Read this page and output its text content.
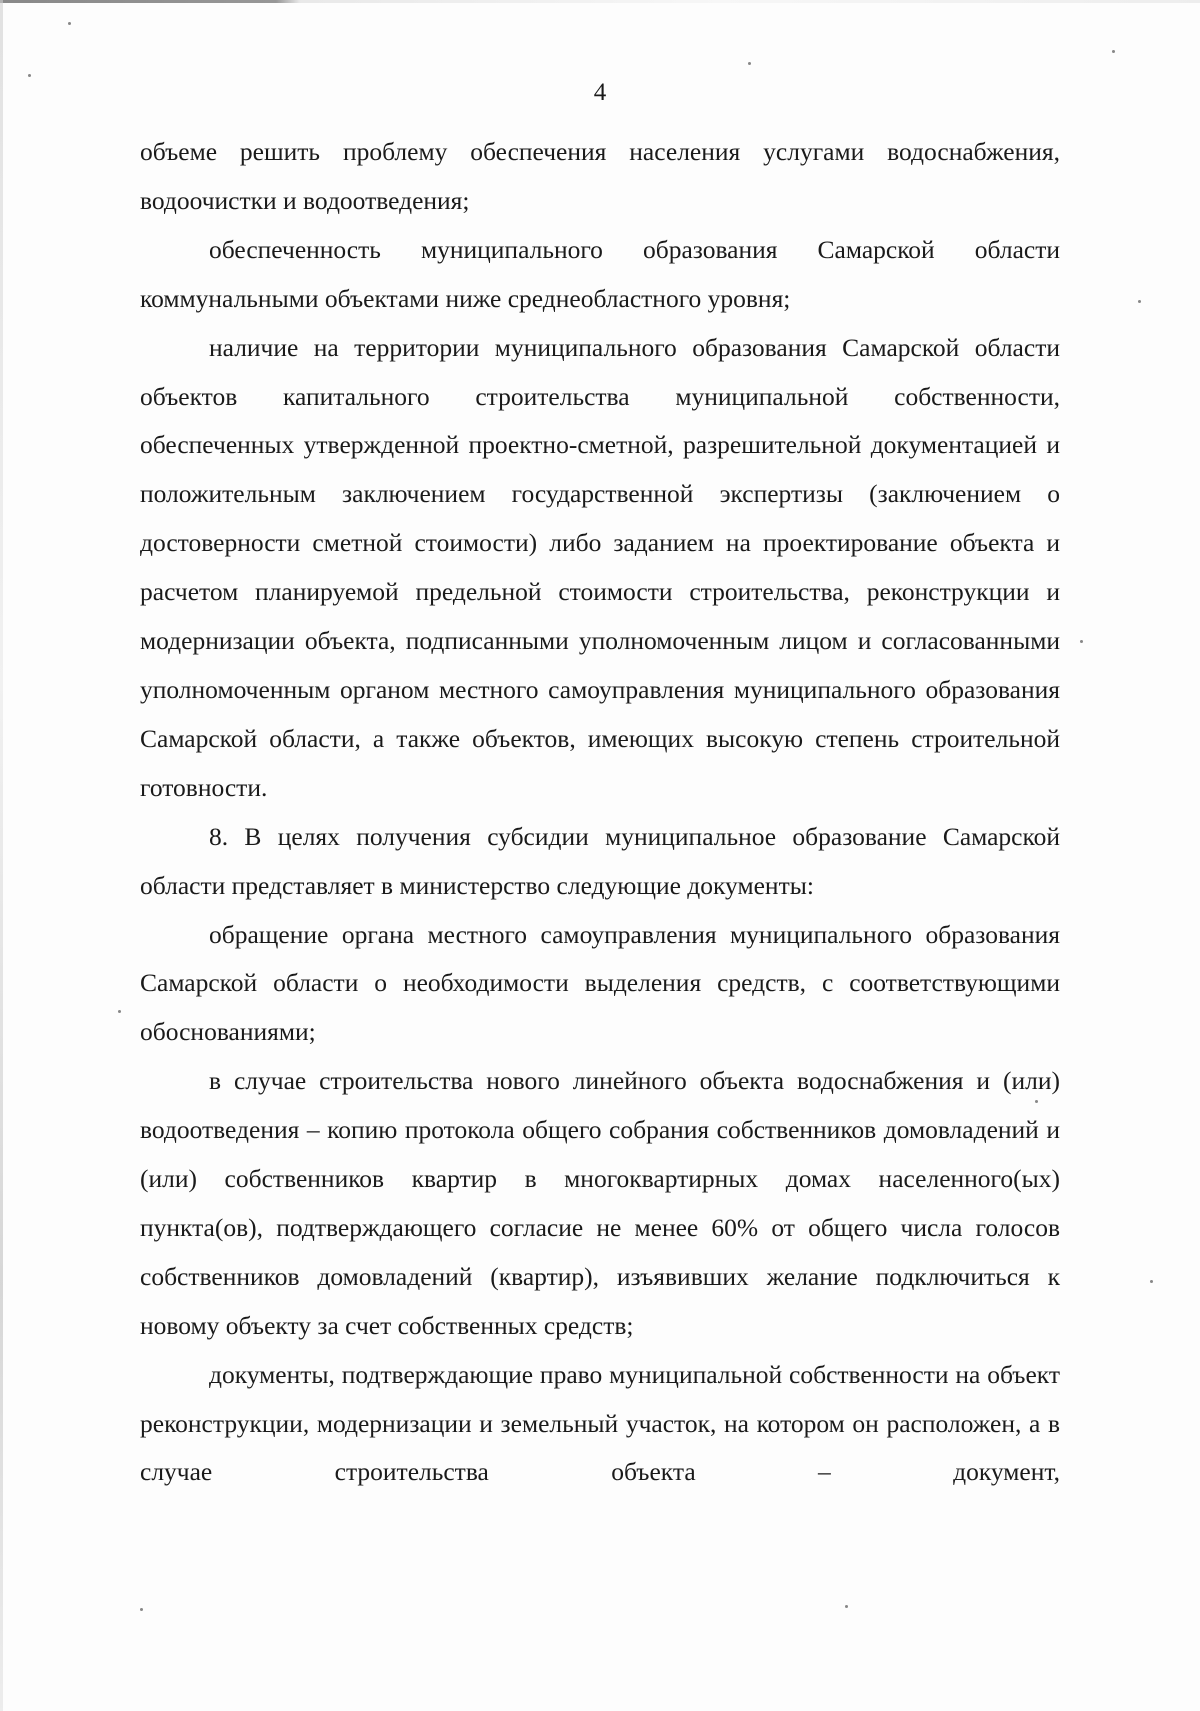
4

объеме решить проблему обеспечения населения услугами водоснабжения, водоочистки и водоотведения;

обеспеченность муниципального образования Самарской области коммунальными объектами ниже среднеобластного уровня;

наличие на территории муниципального образования Самарской области объектов капитального строительства муниципальной собственности, обеспеченных утвержденной проектно-сметной, разрешительной документацией и положительным заключением государственной экспертизы (заключением о достоверности сметной стоимости) либо заданием на проектирование объекта и расчетом планируемой предельной стоимости строительства, реконструкции и модернизации объекта, подписанными уполномоченным лицом и согласованными уполномоченным органом местного самоуправления муниципального образования Самарской области, а также объектов, имеющих высокую степень строительной готовности.

8. В целях получения субсидии муниципальное образование Самарской области представляет в министерство следующие документы:

обращение органа местного самоуправления муниципального образования Самарской области о необходимости выделения средств, с соответствующими обоснованиями;

в случае строительства нового линейного объекта водоснабжения и (или) водоотведения – копию протокола общего собрания собственников домовладений и (или) собственников квартир в многоквартирных домах населенного(ых) пункта(ов), подтверждающего согласие не менее 60% от общего числа голосов собственников домовладений (квартир), изъявивших желание подключиться к новому объекту за счет собственных средств;

документы, подтверждающие право муниципальной собственности на объект реконструкции, модернизации и земельный участок, на котором он расположен, а в случае строительства объекта – документ,
